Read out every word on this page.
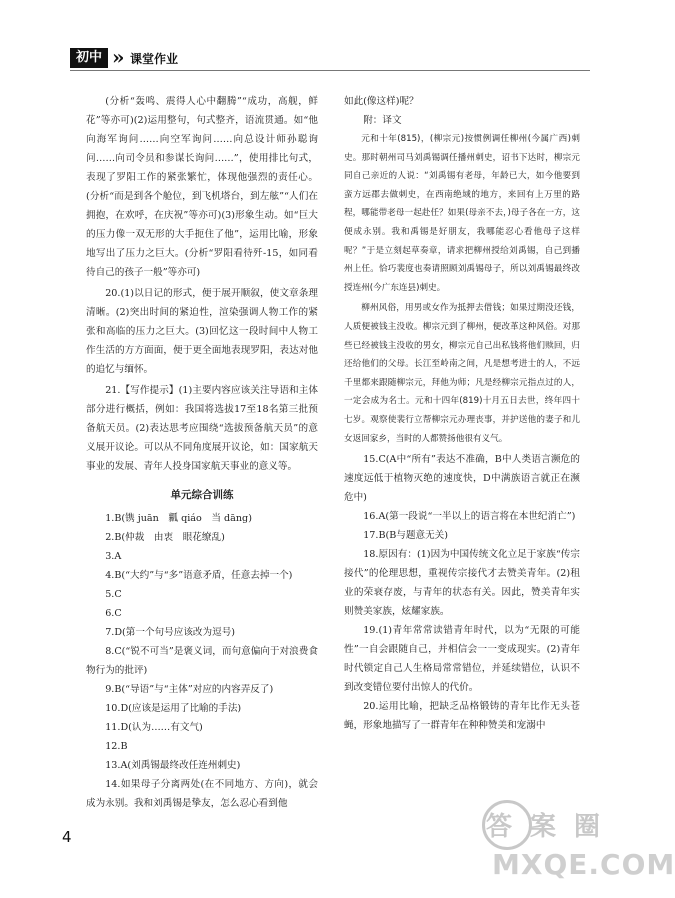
初中 » 课堂作业

(分析“轰鸣、震得人心中翻腾”“成功，高舰，鲜花”等亦可)(2)运用整句，句式整齐，语流贯通。如“他向海军询问……向空军询问……向总设计师孙聪询问……向司令员和参谋长询问……”，使用排比句式，表现了罗阳工作的紧张繁忙，体现他强烈的责任心。(分析“而是到各个舱位，到飞机塔台，到左舷”“人们在拥抱，在欢呼，在庆祝”等亦可)(3)形象生动。如“巨大的压力像一双无形的大手扼住了他”，运用比喻，形象地写出了压力之巨大。(分析“罗阳看待歼-15，如同看待自己的孩子一般”等亦可)

20.(1)以日记的形式，便于展开顺叙，使文章条理清晰。(2)突出时间的紧迫性，渲染强调人物工作的紧张和高临的压力之巨大。(3)回忆这一段时间中人物工作生活的方方面面，便于更全面地表现罗阳，表达对他的追忆与缅怀。

21.【写作提示】(1)主要内容应该关注导语和主体部分进行概括，例如：我国将选拔17至18名第三批预备航天员。(2)表达思考应围绕“选拔预备航天员”的意义展开议论。可以从不同角度展开议论，如：国家航天事业的发展、青年人投身国家航天事业的意义等。

单元综合训练

1.B(镌 juān　瓤 qiáo　当 dāng)

2.B(仲裁　由衷　眼花缭乱)

3.A

4.B(“大约”与“多”语意矛盾，任意去掉一个)

5.C

6.C

7.D(第一个句号应该改为逗号)

8.C(“锐不可当”是褒义词，而句意偏向于对浪费食物行为的批评)

9.B(“导语”与“主体”对应的内容弄反了)

10.D(应该是运用了比喻的手法)

11.D(认为……有文气)

12.B

13.A(刘禹锡最终改任连州刺史)

14.如果母子分离两处(在不同地方、方向)，就会成为永别。我和刘禹锡是挚友，怎么忍心看到他

如此(像这样)呢？

附：译文

元和十年(815)，(柳宗元)按惯例调任柳州(今属广西)刺史。那时朝州司马刘禹锡调任播州刺史，诏书下达时，柳宗元同自己亲近的人说：“刘禹锡有老母，年龄已大，如今他要到蛮方远郡去做刺史，在西南绝域的地方，来回有上万里的路程，哪能带老母一起赴任？如果(母亲不去，)母子各在一方，这便成永别。我和禹锡是好朋友，我哪能忍心看他母子这样呢？”于是立刻起草奏章，请求把柳州授给刘禹锡，自己到播州上任。恰巧裴度也奏请照顾刘禹锡母子，所以刘禹锡最终改授连州(今广东连县)刺史。

柳州风俗，用男或女作为抵押去借钱；如果过期没还钱，人质便被钱主没收。柳宗元到了柳州，便改革这种风俗。对那些已经被钱主没收的男女，柳宗元自己出私钱将他们赎回，归还给他们的父母。长江至岭南之间，凡是想考进士的人，不远千里都来跟随柳宗元，拜他为师；凡是经柳宗元指点过的人，一定会成为名士。元和十四年(819)十月五日去世，终年四十七岁。观察使裴行立帮柳宗元办理丧事，并护送他的妻子和儿女返回家乡，当时的人都赞扬他很有义气。

15.C(A中“所有”表达不准确，B中人类语言濒危的速度远低于植物灭绝的速度快，D中满族语言就正在濒危中)

16.A(第一段说“一半以上的语言将在本世纪消亡”)

17.B(B与题意无关)

18.原因有：(1)因为中国传统文化立足于家族“传宗接代”的伦理思想，重视传宗接代才去赞美青年。(2)租业的荣衰存废，与青年的状态有关。因此，赞美青年实则赞美家族，炫耀家族。

19.(1)青年常常读错青年时代，以为“无限的可能性”一自会跟随自己，并相信会一一变成现实。(2)青年时代锁定自己人生格局常常错位，并延续错位，认识不到改变错位要付出惊人的代价。

20.运用比喻，把缺乏品格锻铸的青年比作无头苍蝇，形象地描写了一群青年在种种赞美和宠溺中

4	答 案 圈
MXQE.COM
